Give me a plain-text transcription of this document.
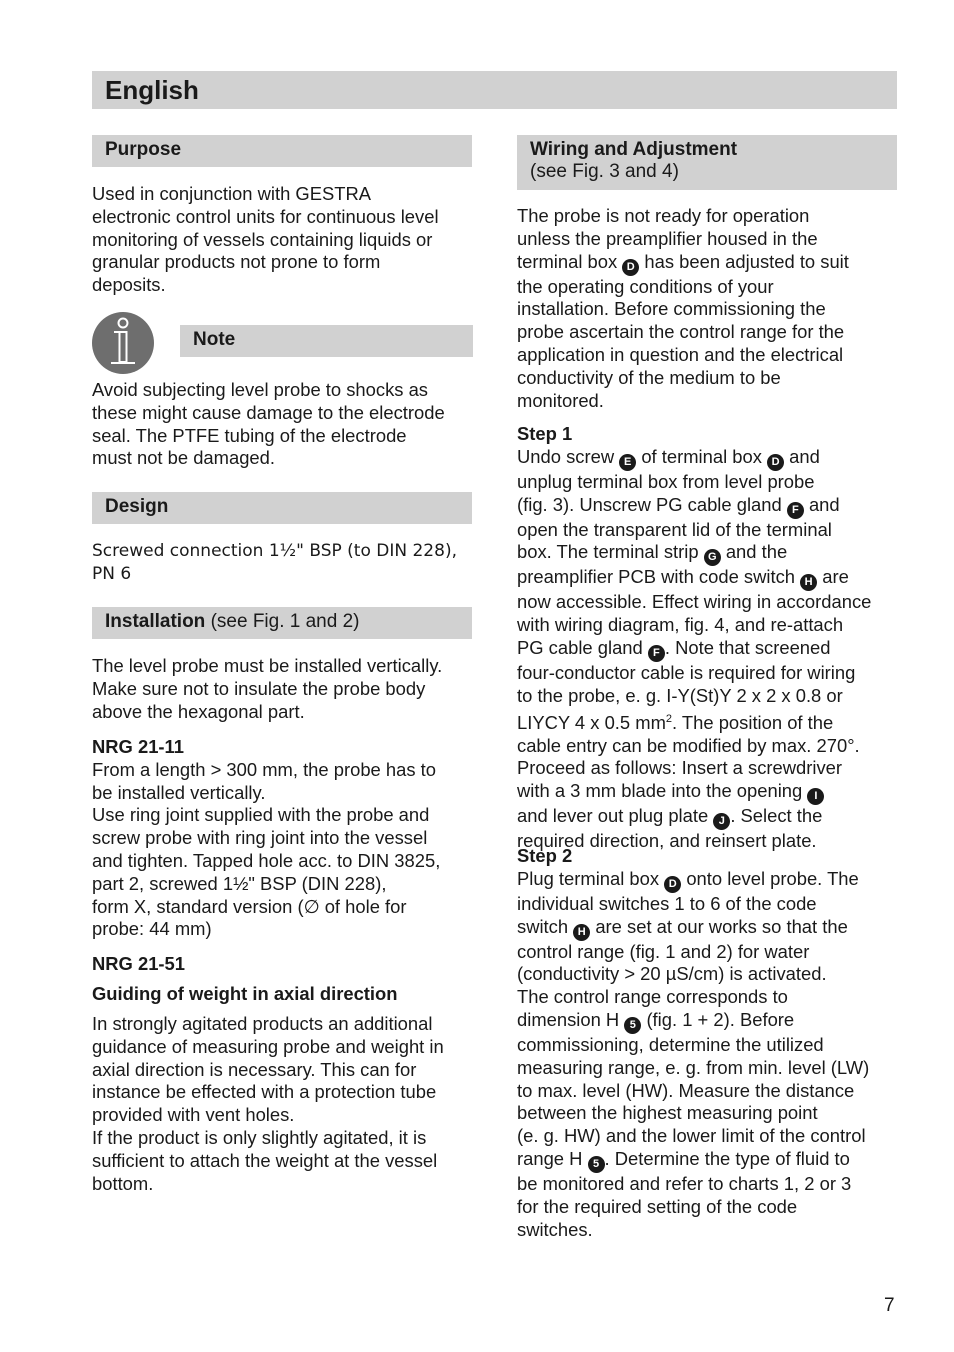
English
Purpose

Used in conjunction with GESTRA
electronic control units for continuous level
monitoring of vessels containing liquids or
granular products not prone to form
deposits.

Note

Avoid subjecting level probe to shocks as
these might cause damage to the electrode
seal. The PTFE tubing of the electrode
must not be damaged.

Design

Screwed connection 1½" BSP (to DIN 228),
PN 6

Installation (see Fig. 1 and 2)

The level probe must be installed vertically.
Make sure not to insulate the probe body
above the hexagonal part.

NRG 21-11
From a length > 300 mm, the probe has to
be installed vertically.
Use ring joint supplied with the probe and
screw probe with ring joint into the vessel
and tighten. Tapped hole acc. to DIN 3825,
part 2, screwed 1½" BSP (DIN 228),
form X, standard version (∅ of hole for
probe: 44 mm)

NRG 21-51

Guiding of weight in axial direction

In strongly agitated products an additional
guidance of measuring probe and weight in
axial direction is necessary. This can for
instance be effected with a protection tube
provided with vent holes.
If the product is only slightly agitated, it is
sufficient to attach the weight at the vessel
bottom.

Wiring and Adjustment
(see Fig. 3 and 4)

The probe is not ready for operation
unless the preamplifier housed in the
terminal box D has been adjusted to suit
the operating conditions of your
installation. Before commissioning the
probe ascertain the control range for the
application in question and the electrical
conductivity of the medium to be
monitored.

Step 1
Undo screw E of terminal box D and
unplug terminal box from level probe
(fig. 3). Unscrew PG cable gland F and
open the transparent lid of the terminal
box. The terminal strip G and the
preamplifier PCB with code switch H are
now accessible. Effect wiring in accordance
with wiring diagram, fig. 4, and re-attach
PG cable gland F . Note that screened
four-conductor cable is required for wiring
to the probe, e. g. I-Y(St)Y 2 x 2 x 0.8 or
LIYCY 4 x 0.5 $mm^2$. The position of the
cable entry can be modified by max. 270°.
Proceed as follows: Insert a screwdriver
with a 3 mm blade into the opening I
and lever out plug plate J . Select the
required direction, and reinsert plate.

Step 2
Plug terminal box D onto level probe. The
individual switches 1 to 6 of the code
switch H are set at our works so that the
control range (fig. 1 and 2) for water
(conductivity > 20 µS/cm) is activated.
The control range corresponds to
dimension H 5 (fig. 1 + 2). Before
commissioning, determine the utilized
measuring range, e. g. from min. level (LW)
to max. level (HW). Measure the distance
between the highest measuring point
(e. g. HW) and the lower limit of the control
range H 5 . Determine the type of fluid to
be monitored and refer to charts 1, 2 or 3
for the required setting of the code
switches.

7
